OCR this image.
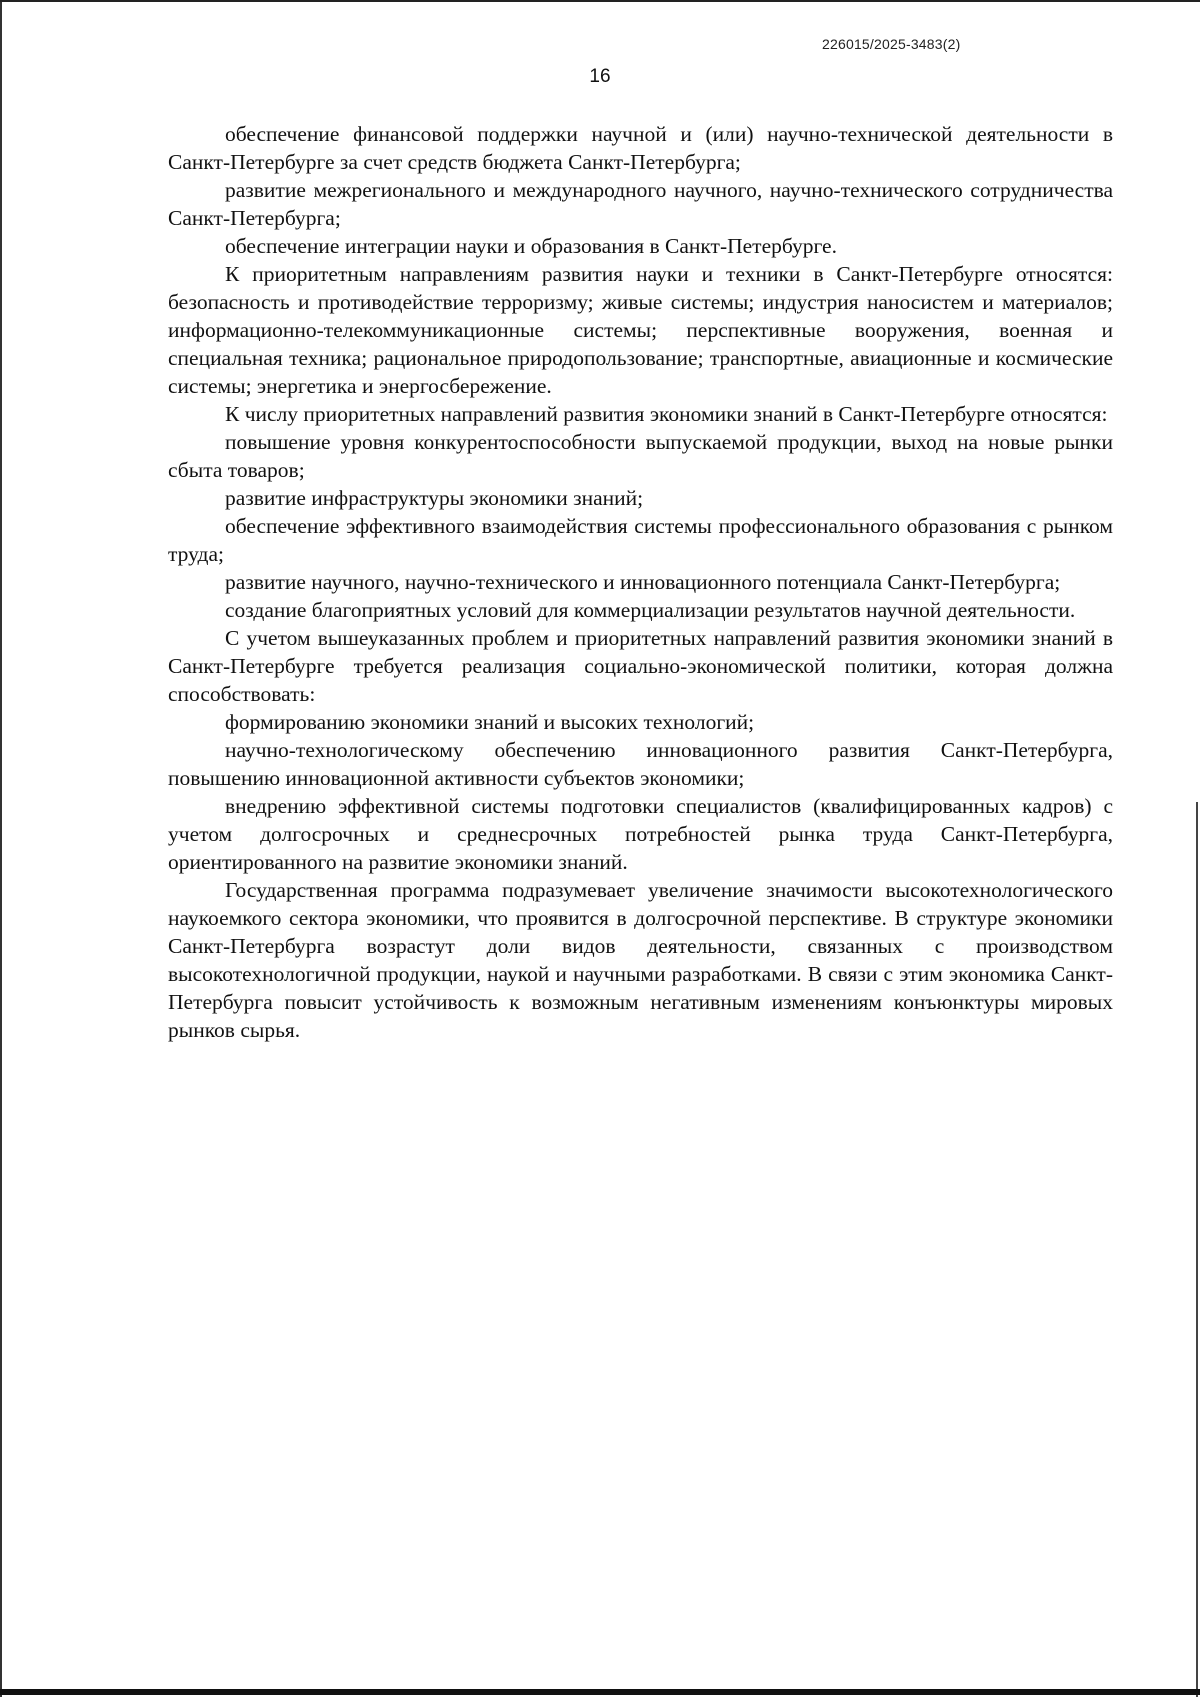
226015/2025-3483(2)
16

обеспечение финансовой поддержки научной и (или) научно-технической деятельности в Санкт-Петербурге за счет средств бюджета Санкт-Петербурга;

развитие межрегионального и международного научного, научно-технического сотрудничества Санкт-Петербурга;

обеспечение интеграции науки и образования в Санкт-Петербурге.

К приоритетным направлениям развития науки и техники в Санкт-Петербурге относятся: безопасность и противодействие терроризму; живые системы; индустрия наносистем и материалов; информационно-телекоммуникационные системы; перспективные вооружения, военная и специальная техника; рациональное природопользование; транспортные, авиационные и космические системы; энергетика и энергосбережение.

К числу приоритетных направлений развития экономики знаний в Санкт-Петербурге относятся:

повышение уровня конкурентоспособности выпускаемой продукции, выход на новые рынки сбыта товаров;

развитие инфраструктуры экономики знаний;

обеспечение эффективного взаимодействия системы профессионального образования с рынком труда;

развитие научного, научно-технического и инновационного потенциала Санкт-Петербурга;

создание благоприятных условий для коммерциализации результатов научной деятельности.

С учетом вышеуказанных проблем и приоритетных направлений развития экономики знаний в Санкт-Петербурге требуется реализация социально-экономической политики, которая должна способствовать:

формированию экономики знаний и высоких технологий;

научно-технологическому обеспечению инновационного развития Санкт-Петербурга, повышению инновационной активности субъектов экономики;

внедрению эффективной системы подготовки специалистов (квалифицированных кадров) с учетом долгосрочных и среднесрочных потребностей рынка труда Санкт-Петербурга, ориентированного на развитие экономики знаний.

Государственная программа подразумевает увеличение значимости высокотехнологического наукоемкого сектора экономики, что проявится в долгосрочной перспективе. В структуре экономики Санкт-Петербурга возрастут доли видов деятельности, связанных с производством высокотехнологичной продукции, наукой и научными разработками. В связи с этим экономика Санкт-Петербурга повысит устойчивость к возможным негативным изменениям конъюнктуры мировых рынков сырья.
